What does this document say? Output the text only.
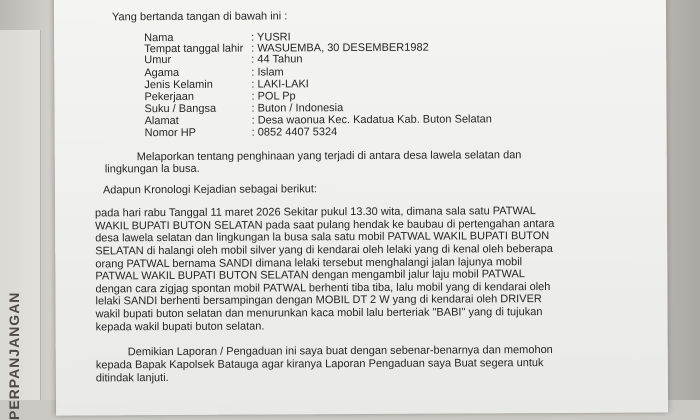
PERPANJANGAN
Yang bertanda tangan di bawah ini :
Nama	: YUSRI
Tempat tanggal lahir : WASUEMBA, 30 DESEMBER1982
Umur	: 44 Tahun
Agama	: Islam
Jenis Kelamin	: LAKI-LAKI
Pekerjaan	: POL Pp
Suku / Bangsa	: Buton / Indonesia
Alamat	: Desa waonua Kec. Kadatua Kab. Buton Selatan
Nomor HP	: 0852 4407 5324
Melaporkan tentang penghinaan yang terjadi di antara desa lawela selatan dan
lingkungan la busa.
Adapun Kronologi Kejadian sebagai berikut:
pada hari rabu Tanggal 11 maret 2026 Sekitar pukul 13.30 wita, dimana sala satu PATWAL
WAKIL BUPATI BUTON SELATAN pada saat pulang hendak ke baubau di pertengahan antara
desa lawela selatan dan lingkungan la busa sala satu mobil PATWAL WAKIL BUPATI BUTON
SELATAN di halangi oleh mobil silver yang di kendarai oleh lelaki yang di kenal oleh beberapa
orang PATWAL bernama SANDI dimana lelaki tersebut menghalangi jalan lajunya mobil
PATWAL WAKIL BUPATI BUTON SELATAN dengan mengambil jalur laju mobil PATWAL
dengan cara zigjag spontan mobil PATWAL berhenti tiba tiba, lalu mobil yang di kendarai oleh
lelaki SANDI berhenti bersampingan dengan MOBIL DT 2 W yang di kendarai oleh DRIVER
wakil bupati buton selatan dan menurunkan kaca mobil lalu berteriak "BABI" yang di tujukan
kepada wakil bupati buton selatan.
Demikian Laporan / Pengaduan ini saya buat dengan sebenar-benarnya dan memohon
kepada Bapak Kapolsek Batauga agar kiranya Laporan Pengaduan saya Buat segera untuk
ditindak lanjuti.
